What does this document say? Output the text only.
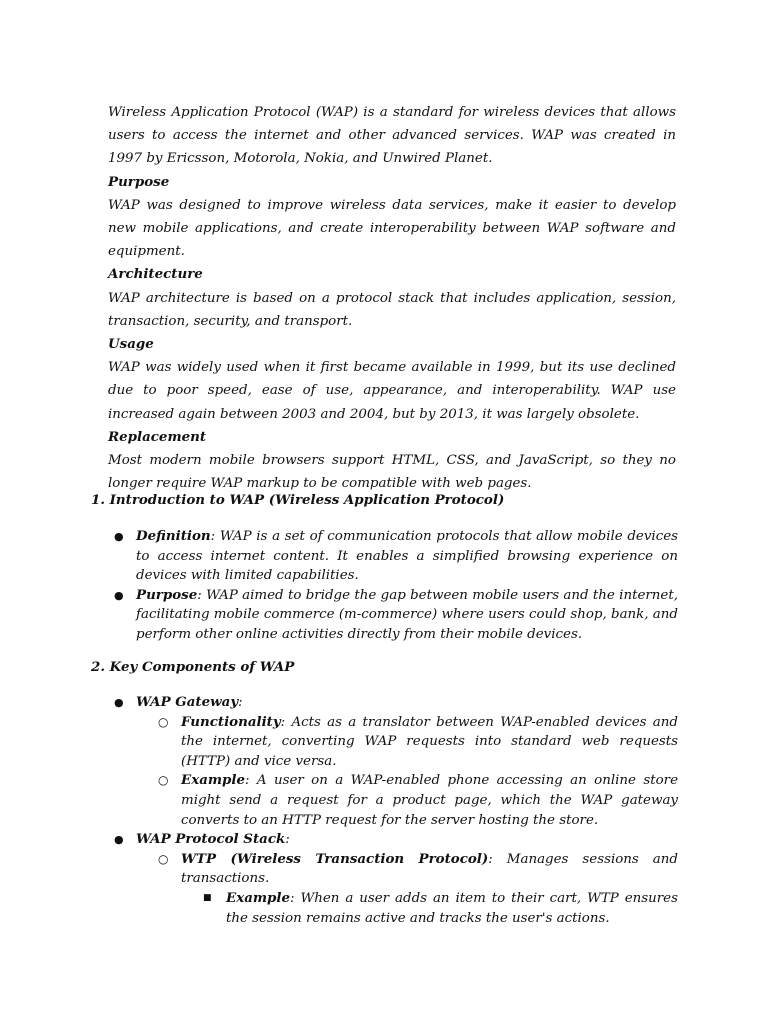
Wireless Application Protocol (WAP) is a standard for wireless devices that allows users to access the internet and other advanced services. WAP was created in 1997 by Ericsson, Motorola, Nokia, and Unwired Planet.

Purpose

WAP was designed to improve wireless data services, make it easier to develop new mobile applications, and create interoperability between WAP software and equipment.

Architecture

WAP architecture is based on a protocol stack that includes application, session, transaction, security, and transport.

Usage

WAP was widely used when it first became available in 1999, but its use declined due to poor speed, ease of use, appearance, and interoperability. WAP use increased again between 2003 and 2004, but by 2013, it was largely obsolete.

Replacement

Most modern mobile browsers support HTML, CSS, and JavaScript, so they no longer require WAP markup to be compatible with web pages.

1. Introduction to WAP (Wireless Application Protocol)
● Definition: WAP is a set of communication protocols that allow mobile devices to access internet content. It enables a simplified browsing experience on devices with limited capabilities.
● Purpose: WAP aimed to bridge the gap between mobile users and the internet, facilitating mobile commerce (m-commerce) where users could shop, bank, and perform other online activities directly from their mobile devices.
2. Key Components of WAP
● WAP Gateway:
○ Functionality: Acts as a translator between WAP-enabled devices and the internet, converting WAP requests into standard web requests (HTTP) and vice versa.
○ Example: A user on a WAP-enabled phone accessing an online store might send a request for a product page, which the WAP gateway converts to an HTTP request for the server hosting the store.
● WAP Protocol Stack:
○ WTP (Wireless Transaction Protocol): Manages sessions and transactions.
■ Example: When a user adds an item to their cart, WTP ensures the session remains active and tracks the user's actions.
